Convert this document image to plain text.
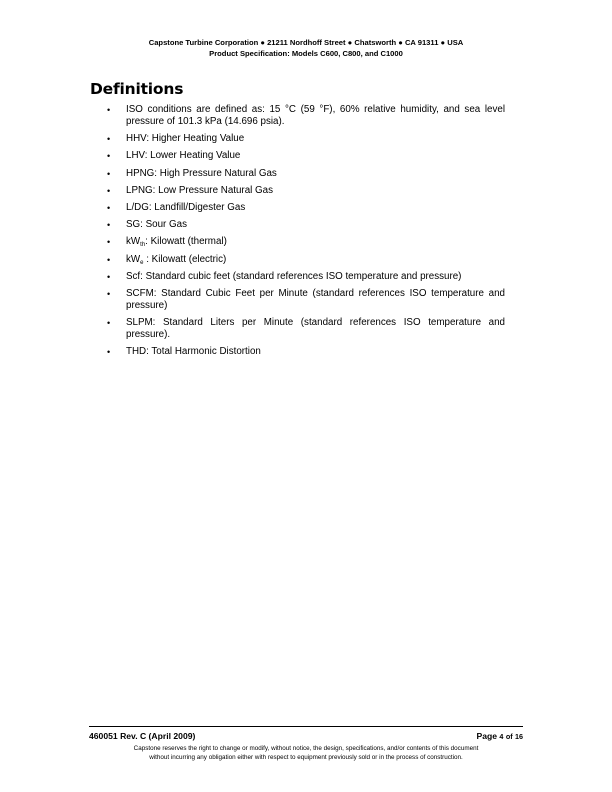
Capstone Turbine Corporation ● 21211 Nordhoff Street ● Chatsworth ● CA 91311 ● USA
Product Specification: Models C600, C800, and C1000
Definitions
• ISO conditions are defined as: 15 °C (59 °F), 60% relative humidity, and sea level pressure of 101.3 kPa (14.696 psia).
• HHV: Higher Heating Value
• LHV: Lower Heating Value
• HPNG: High Pressure Natural Gas
• LPNG: Low Pressure Natural Gas
• L/DG: Landfill/Digester Gas
• SG: Sour Gas
• $kW_{th}$: Kilowatt (thermal)
• $kW_e$ : Kilowatt (electric)
• Scf: Standard cubic feet (standard references ISO temperature and pressure)
• SCFM: Standard Cubic Feet per Minute (standard references ISO temperature and pressure)
• SLPM: Standard Liters per Minute (standard references ISO temperature and pressure).
• THD: Total Harmonic Distortion
460051 Rev. C (April 2009)	Page 4 of 16
Capstone reserves the right to change or modify, without notice, the design, specifications, and/or contents of this document
without incurring any obligation either with respect to equipment previously sold or in the process of construction.
